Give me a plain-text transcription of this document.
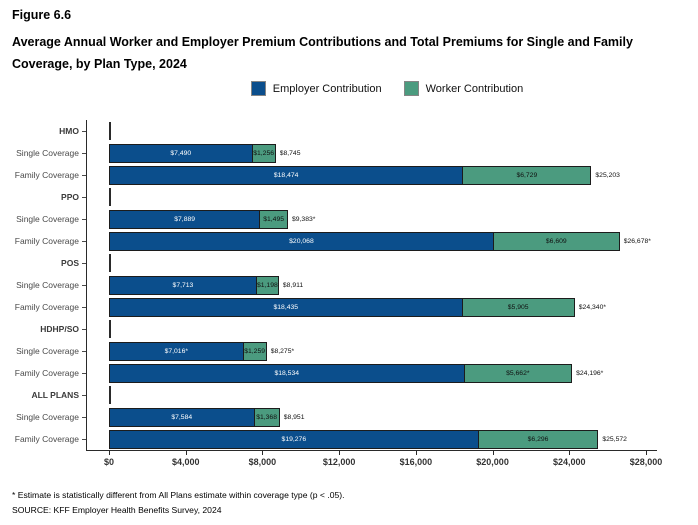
Figure 6.6
Average Annual Worker and Employer Premium Contributions and Total Premiums for Single and Family Coverage, by Plan Type, 2024
Employer Contribution	Worker Contribution
HMO
Single Coverage	$7,490	$1,256 $8,745
Family Coverage	$18,474	$6,729	$25,203
PPO
Single Coverage	$7,889	$1,495 $9,383*
Family Coverage	$20,068	$6,609	$26,678*
POS
Single Coverage	$7,713	$1,198 $8,911
Family Coverage	$18,435	$5,905	$24,340*
HDHP/SO
Single Coverage	$7,016*	$1,259 $8,275*
Family Coverage	$18,534	$5,662*	$24,196*
ALL PLANS
Single Coverage	$7,584	$1,368 $8,951
Family Coverage	$19,276	$6,296	$25,572
$0	$4,000	$8,000	$12,000	$16,000	$20,000	$24,000	$28,000
* Estimate is statistically different from All Plans estimate within coverage type (p < .05).
SOURCE: KFF Employer Health Benefits Survey, 2024
